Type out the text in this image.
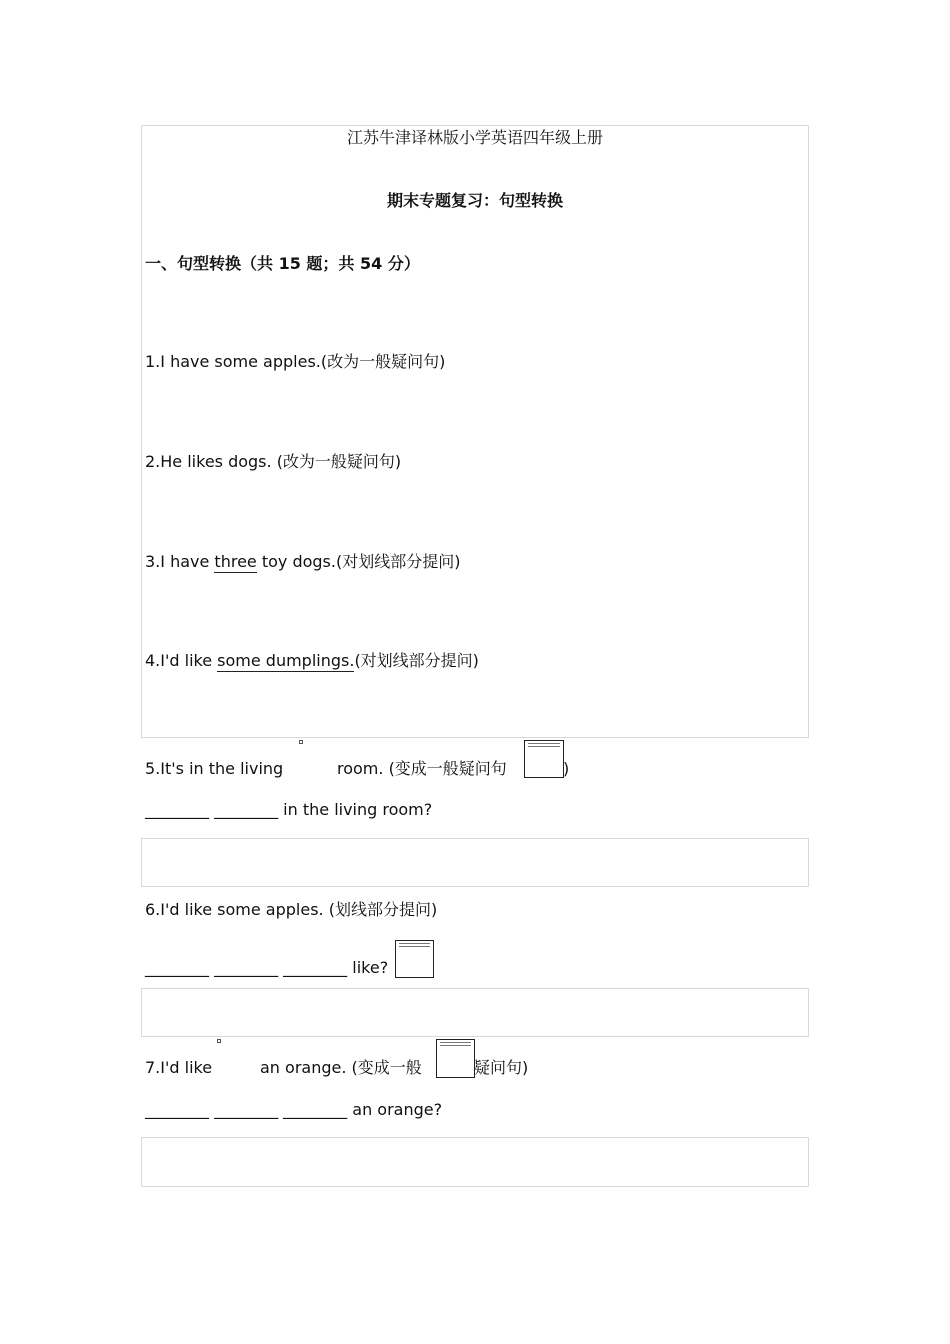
江苏牛津译林版小学英语四年级上册
期末专题复习：句型转换
一、句型转换（共 15 题；共 54 分）
1.I have some apples.(改为一般疑问句)
2.He likes dogs. (改为一般疑问句)
3.I have three toy dogs.(对划线部分提问)
4.I'd like some dumplings.(对划线部分提问)
5.It's in the living	room. (变成一般疑问句	)
________ ________ in the living room?
6.I'd like some apples. (划线部分提问)
________ ________ ________ like?
7.I'd like	an orange. (变成一般	疑问句)
________ ________ ________ an orange?
